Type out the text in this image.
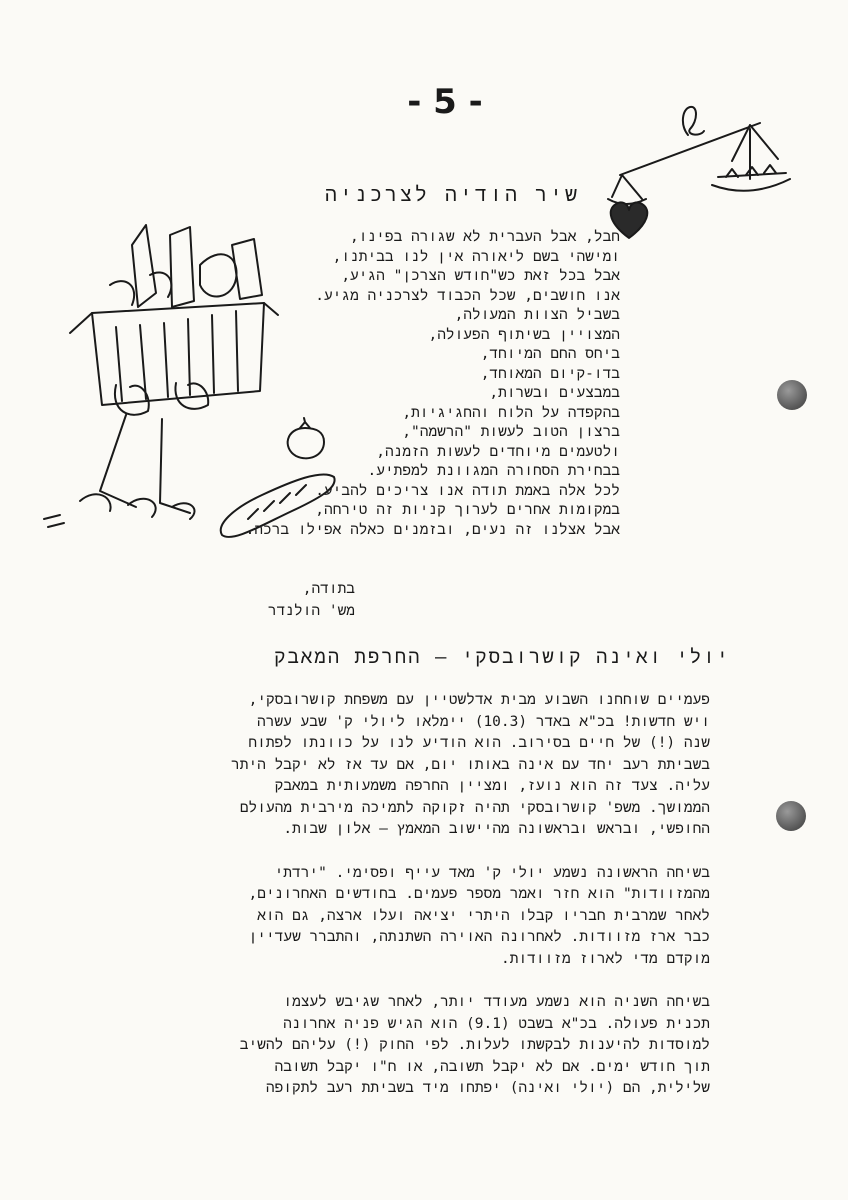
- 5 -
שיר הודיה לצרכניה
חבל, אבל העברית לא שגורה בפינו,
ומישהי בשם ליאורה אין לנו בביתנו,
אבל בכל זאת כש"חודש הצרכן" הגיע,
אנו חושבים, שכל הכבוד לצרכניה מגיע.
בשביל הצוות המעולה,
המצויין בשיתוף הפעולה,
ביחס החם המיוחד,
בדו-קיום המאוחד,
במבצעים ובשרות,
בהקפדה על הלוח והחגיגיות,
ברצון הטוב לעשות "הרשמה",
ולטעמים מיוחדים לעשות הזמנה,
בבחירת הסחורה המגוונת למפתיע.
לכל אלה באמת תודה אנו צריכים להביע.
במקומות אחרים לערוך קניות זה טירחה,
אבל אצלנו זה נעים, ובזמנים כאלה אפילו ברכה.
בתודה,
מש' הולנדר
יולי ואינה קושרובסקי — החרפת המאבק

פעמיים שוחחנו השבוע מבית אדלשטיין עם משפחת קושרובסקי,
ויש חדשות! בכ"א באדר (10.3) יימלאו ליולי ק' שבע עשרה
שנה (!) של חיים בסירוב. הוא הודיע לנו על כוונתו לפתוח
בשביתת רעב יחד עם אינה באותו יום, אם עד אז לא יקבל היתר
עליה. צעד זה הוא נועז, ומציין החרפה משמעותית במאבק
הממושך. משפ' קושרובסקי תהיה זקוקה לתמיכה מירבית מהעולם
החופשי, ובראש ובראשונה מהיישוב המאמץ – אלון שבות.

בשיחה הראשונה נשמע יולי ק' מאד עייף ופסימי. "ירדתי
מהמזוודות" הוא חזר ואמר מספר פעמים. בחודשים האחרונים,
לאחר שמרבית חבריו קבלו היתרי יציאה ועלו ארצה, גם הוא
כבר ארז מזוודות. לאחרונה האוירה השתנתה, והתברר שעדיין
מוקדם מדי לארוז מזוודות.

בשיחה השניה הוא נשמע מעודד יותר, לאחר שגיבש לעצמו
תכנית פעולה. בכ"א בשבט (9.1) הוא הגיש פניה אחרונה
למוסדות להיענות לבקשתו לעלות. לפי החוק (!) עליהם להשיב
תוך חודש ימים. אם לא יקבל תשובה, או ח"ו יקבל תשובה
שלילית, הם (יולי ואינה) יפתחו מיד בשביתת רעב לתקופה
